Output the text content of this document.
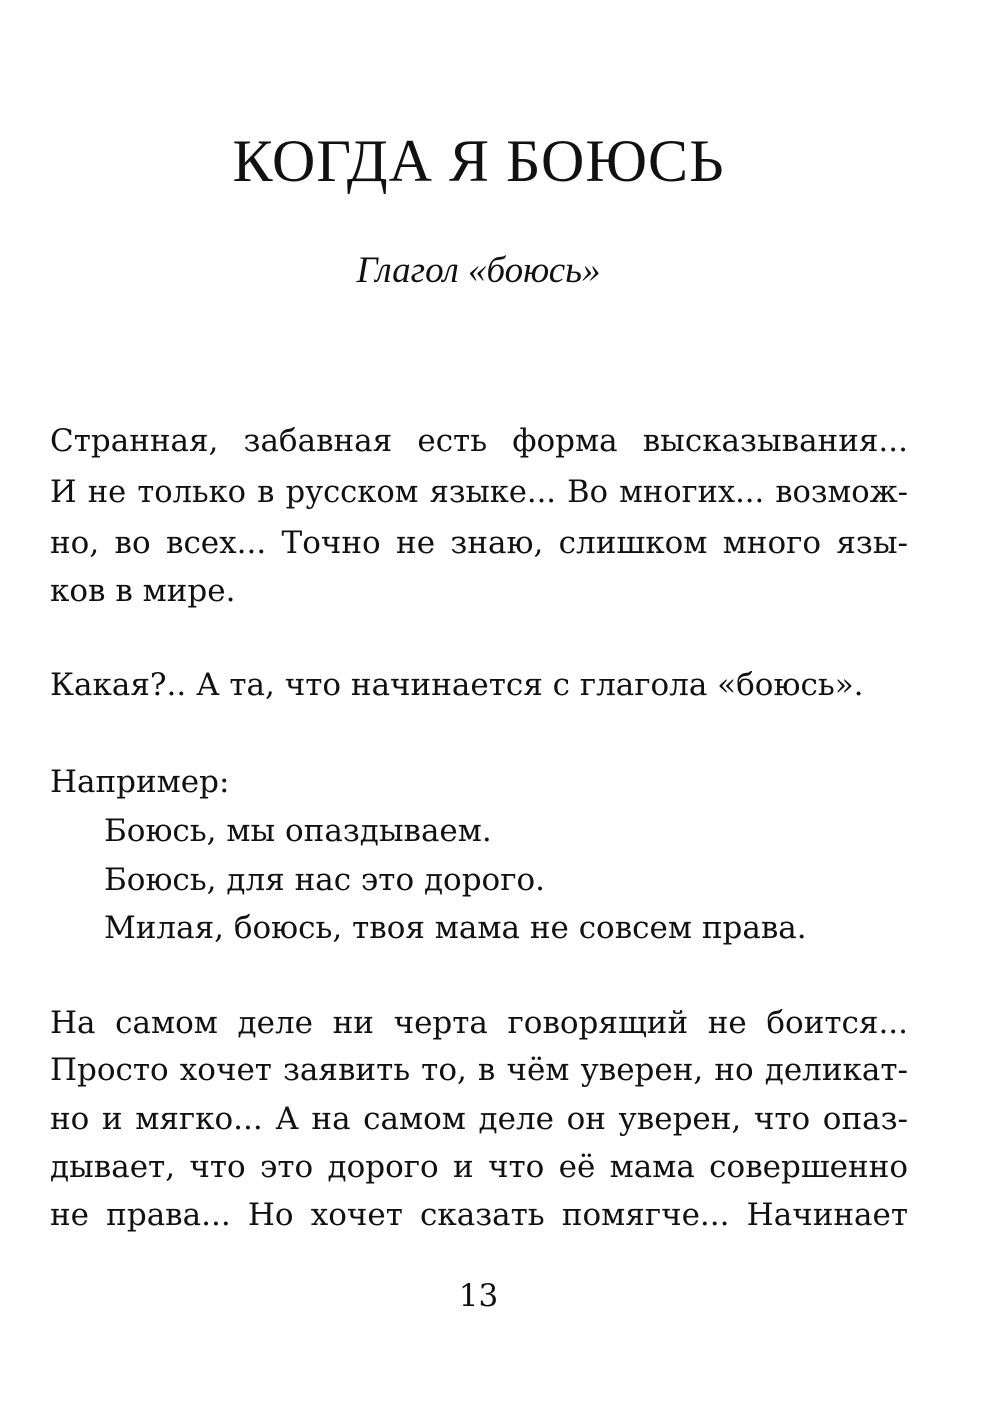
КОГДА Я БОЮСЬ
Глагол «боюсь»
Странная, забавная есть форма высказывания...
И не только в русском языке... Во многих... возмож-
но, во всех... Точно не знаю, слишком много язы-
ков в мире.
Какая?.. А та, что начинается с глагола «боюсь».
Например:
Боюсь, мы опаздываем.
Боюсь, для нас это дорого.
Милая, боюсь, твоя мама не совсем права.
На самом деле ни черта говорящий не боится...
Просто хочет заявить то, в чём уверен, но деликат-
но и мягко... А на самом деле он уверен, что опаз-
дывает, что это дорого и что её мама совершенно
не права... Но хочет сказать помягче... Начинает
13
